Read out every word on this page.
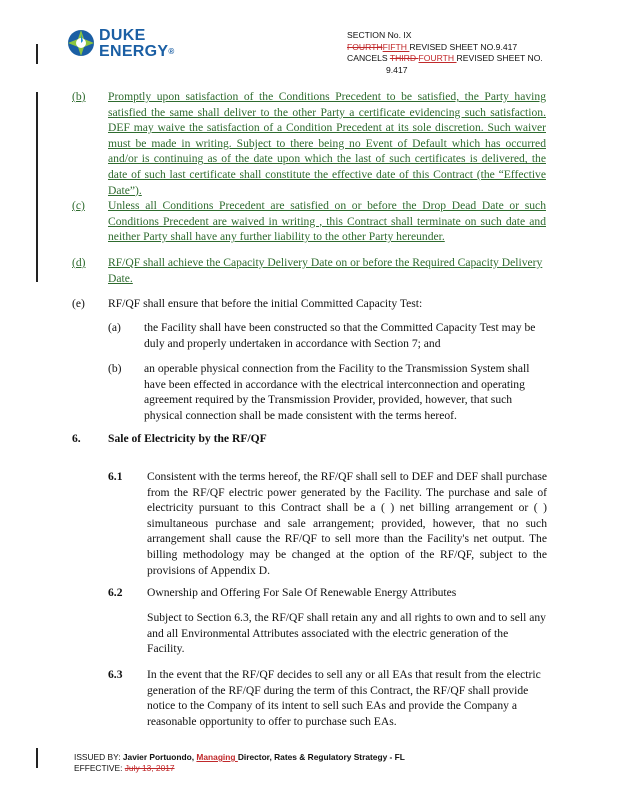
DUKE
ENERGY®
SECTION No. IX
FOURTHFIFTH REVISED SHEET NO.9.417
CANCELS THIRD FOURTH REVISED SHEET NO.
9.417
(b) Promptly upon satisfaction of the Conditions Precedent to be satisfied, the Party having satisfied the same shall deliver to the other Party a certificate evidencing such satisfaction. DEF may waive the satisfaction of a Condition Precedent at its sole discretion. Such waiver must be made in writing. Subject to there being no Event of Default which has occurred and/or is continuing as of the date upon which the last of such certificates is delivered, the date of such last certificate shall constitute the effective date of this Contract (the “Effective Date”).
(c) Unless all Conditions Precedent are satisfied on or before the Drop Dead Date or such Conditions Precedent are waived in writing , this Contract shall terminate on such date and neither Party shall have any further liability to the other Party hereunder.
(d) RF/QF shall achieve the Capacity Delivery Date on or before the Required Capacity Delivery Date.
(e) RF/QF shall ensure that before the initial Committed Capacity Test:
(a) the Facility shall have been constructed so that the Committed Capacity Test may be duly and properly undertaken in accordance with Section 7; and
(b) an operable physical connection from the Facility to the Transmission System shall have been effected in accordance with the electrical interconnection and operating agreement required by the Transmission Provider, provided, however, that such physical connection shall be made consistent with the terms hereof.
6. Sale of Electricity by the RF/QF
6.1 Consistent with the terms hereof, the RF/QF shall sell to DEF and DEF shall purchase from the RF/QF electric power generated by the Facility. The purchase and sale of electricity pursuant to this Contract shall be a ( ) net billing arrangement or ( ) simultaneous purchase and sale arrangement; provided, however, that no such arrangement shall cause the RF/QF to sell more than the Facility's net output. The billing methodology may be changed at the option of the RF/QF, subject to the provisions of Appendix D.
6.2 Ownership and Offering For Sale Of Renewable Energy Attributes
Subject to Section 6.3, the RF/QF shall retain any and all rights to own and to sell any and all Environmental Attributes associated with the electric generation of the Facility.
6.3 In the event that the RF/QF decides to sell any or all EAs that result from the electric generation of the RF/QF during the term of this Contract, the RF/QF shall provide notice to the Company of its intent to sell such EAs and provide the Company a reasonable opportunity to offer to purchase such EAs.
ISSUED BY: Javier Portuondo, Managing Director, Rates & Regulatory Strategy - FL
EFFECTIVE: July 13, 2017
